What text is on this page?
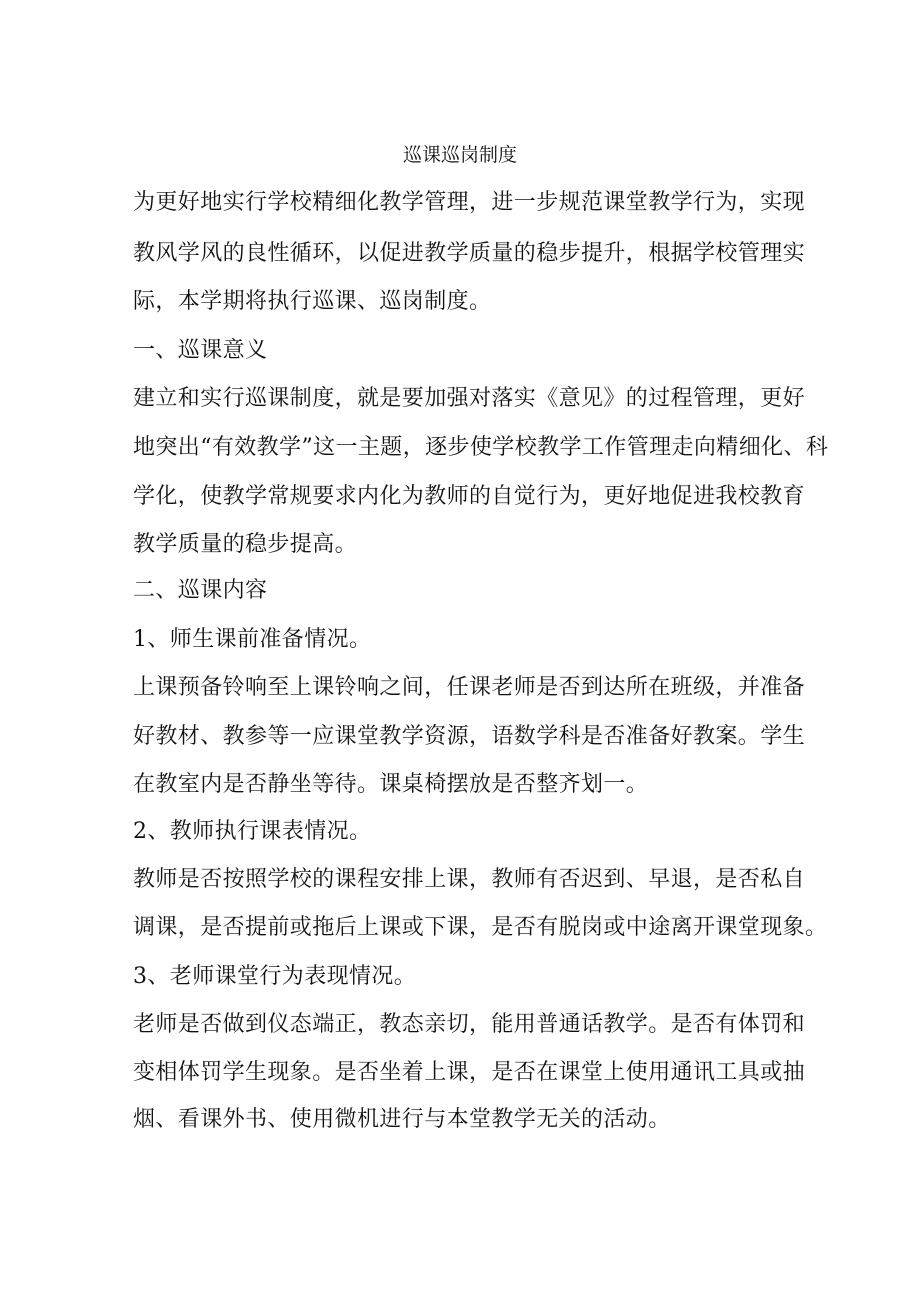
巡课巡岗制度
为更好地实行学校精细化教学管理，进一步规范课堂教学行为，实现
教风学风的良性循环，以促进教学质量的稳步提升，根据学校管理实
际，本学期将执行巡课、巡岗制度。
一、巡课意义
建立和实行巡课制度，就是要加强对落实《意见》的过程管理，更好
地突出“有效教学”这一主题，逐步使学校教学工作管理走向精细化、科
学化，使教学常规要求内化为教师的自觉行为，更好地促进我校教育
教学质量的稳步提高。
二、巡课内容
1、师生课前准备情况。
上课预备铃响至上课铃响之间，任课老师是否到达所在班级，并准备
好教材、教参等一应课堂教学资源，语数学科是否准备好教案。学生
在教室内是否静坐等待。课桌椅摆放是否整齐划一。
2、教师执行课表情况。
教师是否按照学校的课程安排上课，教师有否迟到、早退，是否私自
调课，是否提前或拖后上课或下课，是否有脱岗或中途离开课堂现象。
3、老师课堂行为表现情况。
老师是否做到仪态端正，教态亲切，能用普通话教学。是否有体罚和
变相体罚学生现象。是否坐着上课，是否在课堂上使用通讯工具或抽
烟、看课外书、使用微机进行与本堂教学无关的活动。
